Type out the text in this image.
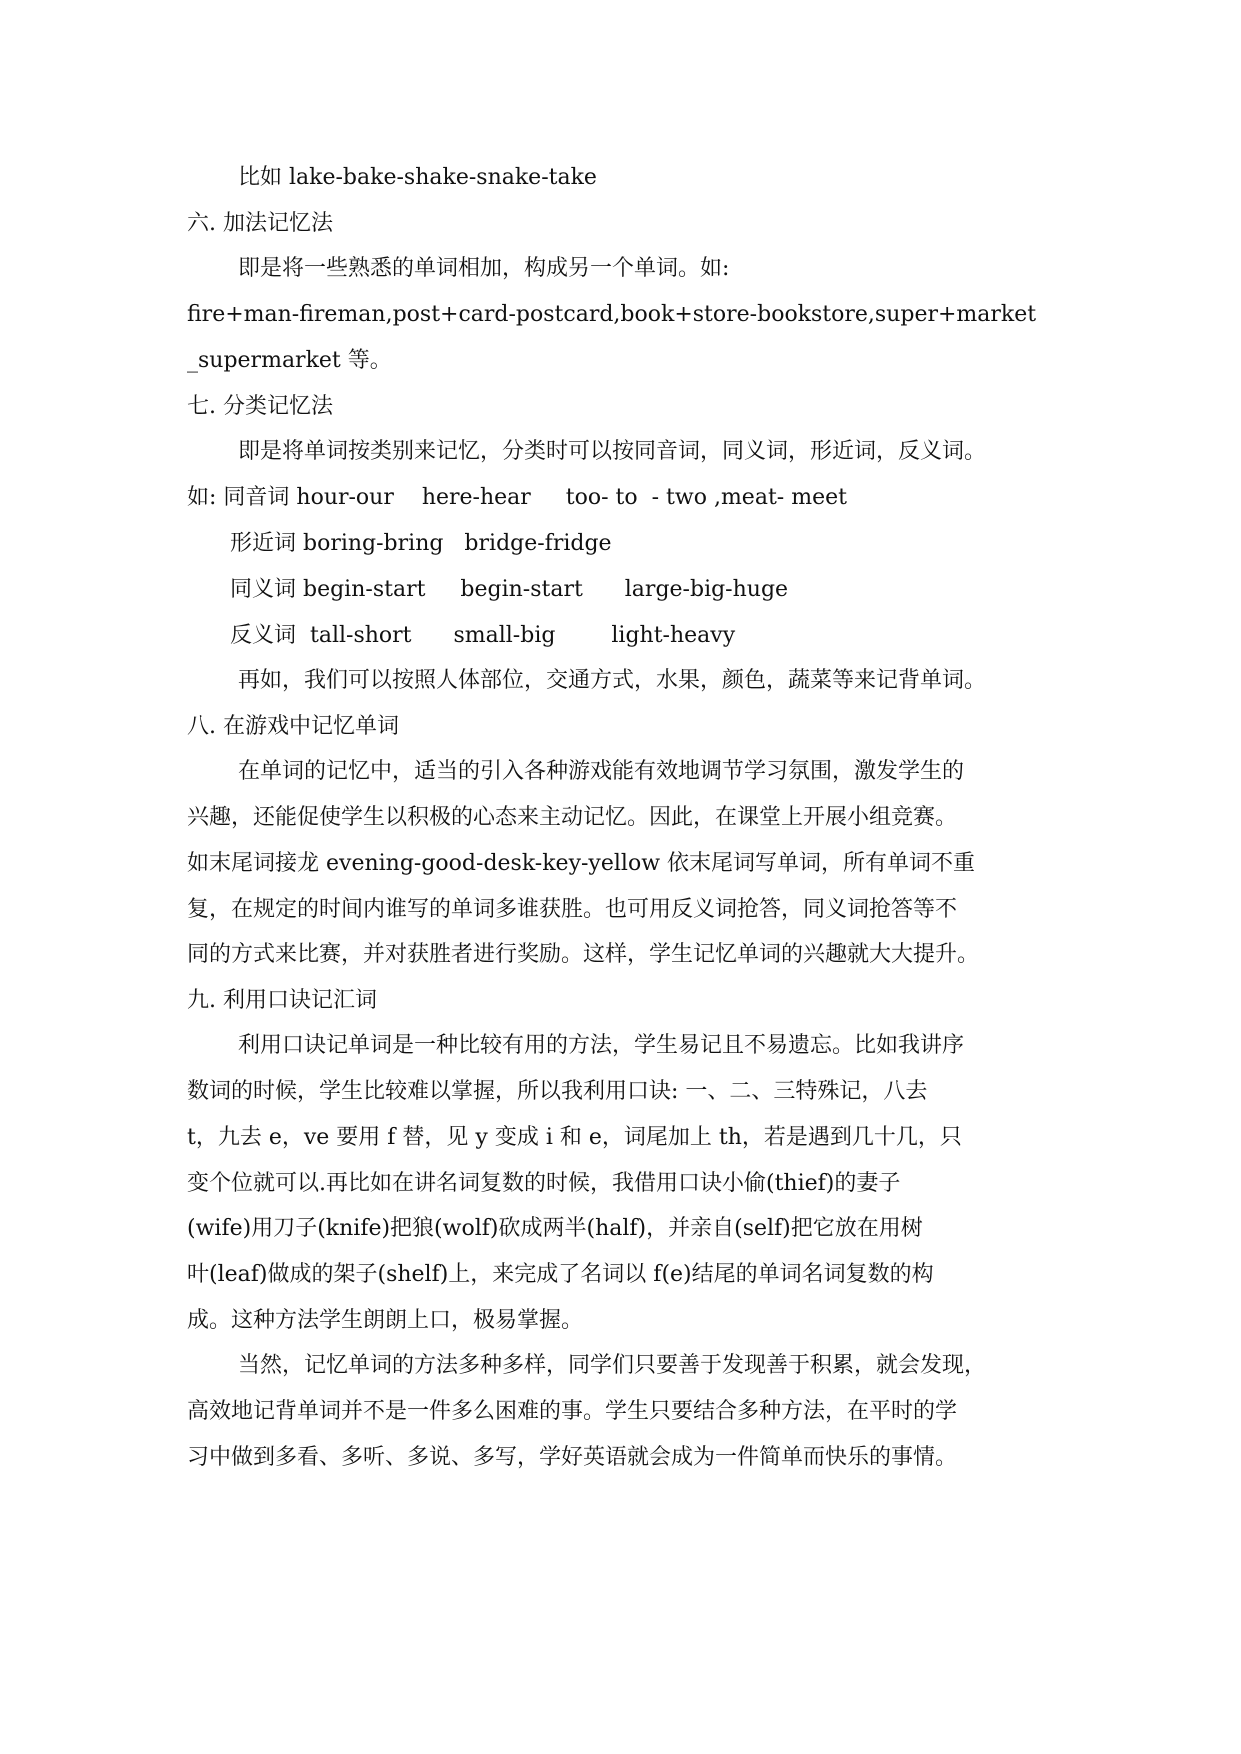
比如 lake-bake-shake-snake-take
六. 加法记忆法
即是将一些熟悉的单词相加，构成另一个单词。如:
fire+man-fireman,post+card-postcard,book+store-bookstore,super+market
_supermarket 等。
七. 分类记忆法
即是将单词按类别来记忆，分类时可以按同音词，同义词，形近词，反义词。
如: 同音词 hour-our    here-hear     too- to  - two ,meat- meet
形近词 boring-bring   bridge-fridge
同义词 begin-start     begin-start      large-big-huge
反义词  tall-short      small-big        light-heavy
再如，我们可以按照人体部位，交通方式，水果，颜色，蔬菜等来记背单词。
八. 在游戏中记忆单词
在单词的记忆中，适当的引入各种游戏能有效地调节学习氛围，激发学生的
兴趣，还能促使学生以积极的心态来主动记忆。因此，在课堂上开展小组竞赛。
如末尾词接龙 evening-good-desk-key-yellow 依末尾词写单词，所有单词不重
复，在规定的时间内谁写的单词多谁获胜。也可用反义词抢答，同义词抢答等不
同的方式来比赛，并对获胜者进行奖励。这样，学生记忆单词的兴趣就大大提升。
九. 利用口诀记汇词
利用口诀记单词是一种比较有用的方法，学生易记且不易遗忘。比如我讲序
数词的时候，学生比较难以掌握，所以我利用口诀: 一、二、三特殊记，八去
t，九去 e，ve 要用 f 替，见 y 变成 i 和 e，词尾加上 th，若是遇到几十几，只
变个位就可以.再比如在讲名词复数的时候，我借用口诀小偷(thief)的妻子
(wife)用刀子(knife)把狼(wolf)砍成两半(half)，并亲自(self)把它放在用树
叶(leaf)做成的架子(shelf)上，来完成了名词以 f(e)结尾的单词名词复数的构
成。这种方法学生朗朗上口，极易掌握。
当然，记忆单词的方法多种多样，同学们只要善于发现善于积累，就会发现，
高效地记背单词并不是一件多么困难的事。学生只要结合多种方法，在平时的学
习中做到多看、多听、多说、多写，学好英语就会成为一件简单而快乐的事情。
